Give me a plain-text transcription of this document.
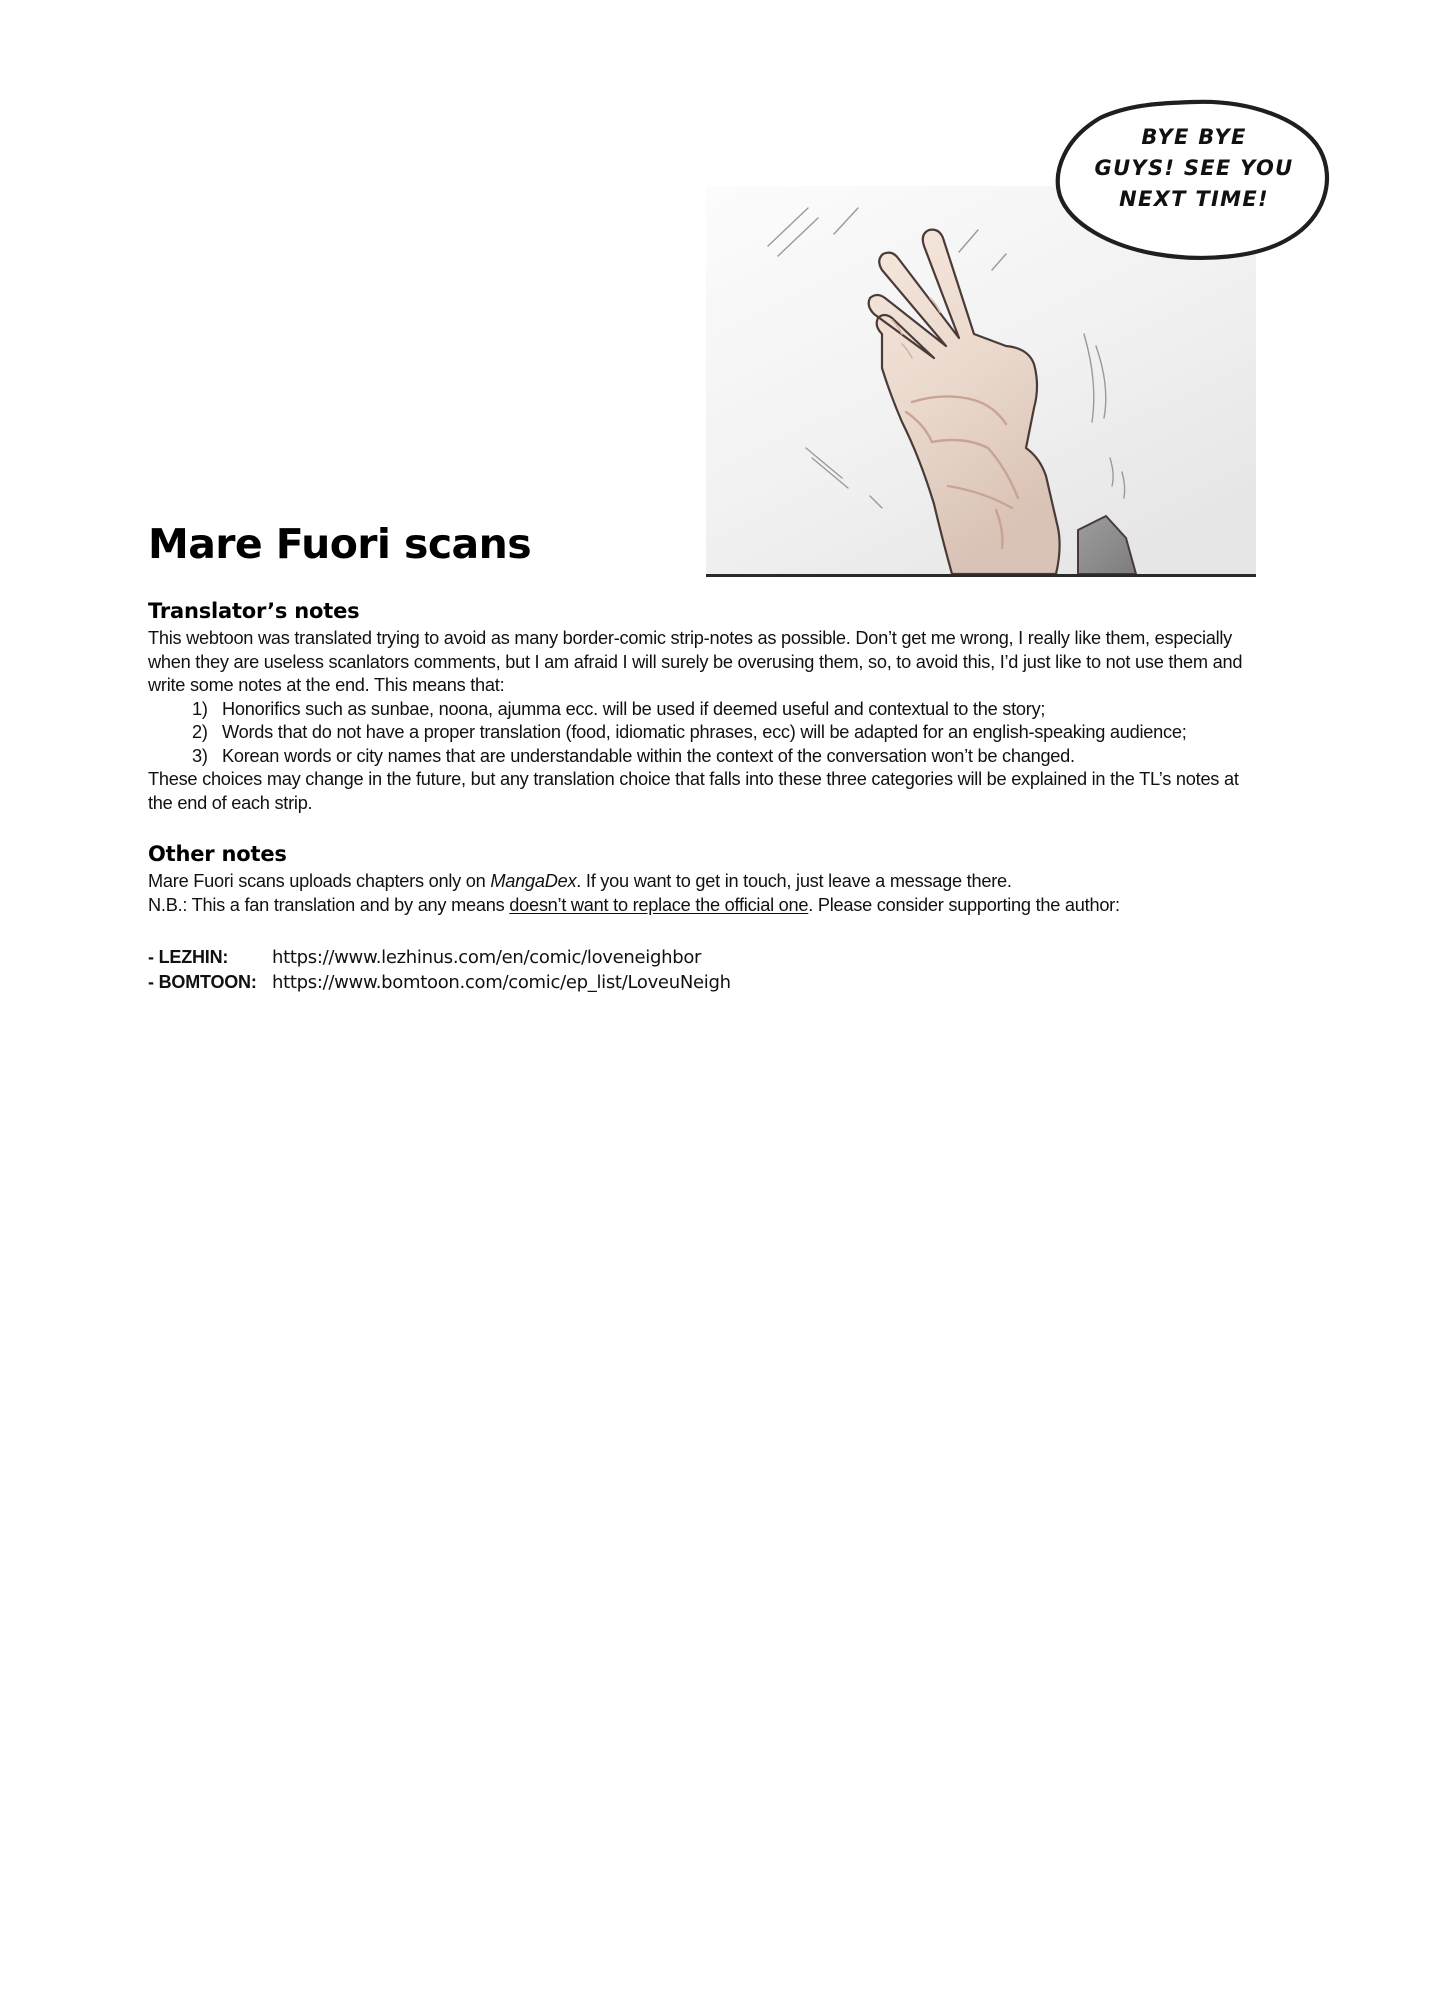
BYE BYE
GUYS! SEE YOU
NEXT TIME!
Mare Fuori scans
Translator’s notes

This webtoon was translated trying to avoid as many border-comic strip-notes as possible. Don’t get me wrong, I really like them, especially when they are useless scanlators comments, but I am afraid I will surely be overusing them, so, to avoid this, I’d just like to not use them and write some notes at the end. This means that:

1) Honorifics such as sunbae, noona, ajumma ecc. will be used if deemed useful and contextual to the story;
2) Words that do not have a proper translation (food, idiomatic phrases, ecc) will be adapted for an english-speaking audience;
3) Korean words or city names that are understandable within the context of the conversation won’t be changed.

These choices may change in the future, but any translation choice that falls into these three categories will be explained in the TL’s notes at the end of each strip.

Other notes

Mare Fuori scans uploads chapters only on MangaDex. If you want to get in touch, just leave a message there.

N.B.: This a fan translation and by any means doesn’t want to replace the official one. Please consider supporting the author:

- LEZHIN:	https://www.lezhinus.com/en/comic/loveneighbor
- BOMTOON: https://www.bomtoon.com/comic/ep_list/LoveuNeigh
